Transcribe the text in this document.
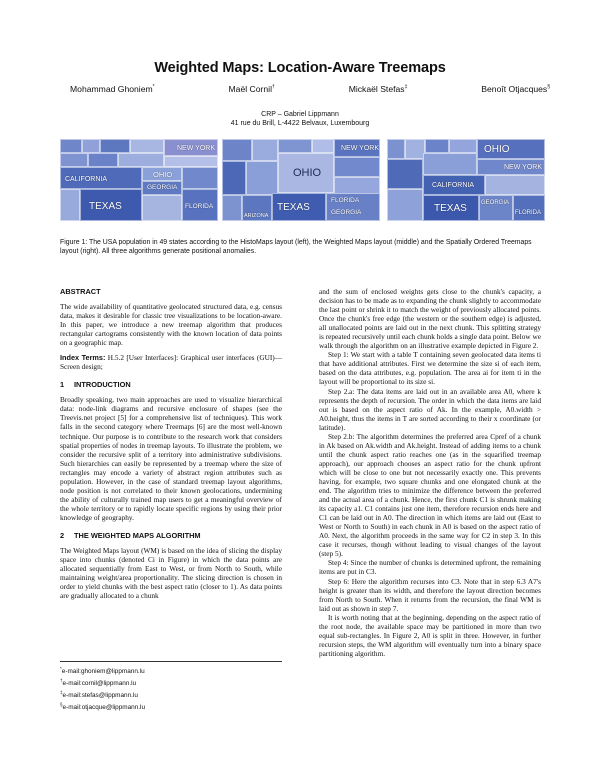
Weighted Maps: Location-Aware Treemaps
Mohammad Ghoniem*	Maël Cornil†	Mickaël Stefas‡	Benoît Otjacques§
CRP – Gabriel Lippmann
41 rue du Brill, L-4422 Belvaux, Luxembourg
NEW YORK
CALIFORNIA
OHIO
GEORGIA
TEXAS	FLORIDA
NEW YORK
OHIO
ARIZONA
TEXAS
FLORIDA
GEORGIA
OHIO
NEW YORK
CALIFORNIA
TEXAS GEORGIA
FLORIDA
Figure 1: The USA population in 49 states according to the HistoMaps layout (left), the Weighted Maps layout (middle) and the Spatially Ordered Treemaps layout (right). All three algorithms generate positional anomalies.
ABSTRACT

The wide availability of quantitative geolocated structured data, e.g. census data, makes it desirable for classic tree visualizations to be location-aware. In this paper, we introduce a new treemap algorithm that produces rectangular cartograms consistently with the known location of data points on a geographic map.

Index Terms: H.5.2 [User Interfaces]: Graphical user interfaces (GUI)—Screen design;

1 INTRODUCTION

Broadly speaking, two main approaches are used to visualize hierarchical data: node-link diagrams and recursive enclosure of shapes (see the Treevis.net project [5] for a comprehensive list of techniques). This work falls in the second category where Treemaps [6] are the most well-known technique. Our purpose is to contribute to the research work that considers spatial properties of nodes in treemap layouts. To illustrate the problem, we consider the recursive split of a territory into administrative subdivisions. Such hierarchies can easily be represented by a treemap where the size of rectangles may encode a variety of abstract region attributes such as population. However, in the case of standard treemap layout algorithms, node position is not correlated to their known geolocations, undermining the ability of culturally trained map users to get a meaningful overview of the whole territory or to rapidly locate specific regions by using their prior knowledge of geography.

2 THE WEIGHTED MAPS ALGORITHM

The Weighted Maps layout (WM) is based on the idea of slicing the display space into chunks (denoted Ci in Figure) in which the data points are allocated sequentially from East to West, or from North to South, while maintaining weight/area proportionality. The slicing direction is chosen in order to yield chunks with the best aspect ratio (closer to 1). As data points are gradually allocated to a chunk

*e-mail:ghoniem@lippmann.lu
†e-mail:cornil@lippmann.lu
‡e-mail:stefas@lippmann.lu
§e-mail:otjacque@lippmann.lu

and the sum of enclosed weights gets close to the chunk's capacity, a decision has to be made as to expanding the chunk slightly to accommodate the last point or shrink it to match the weight of previously allocated points. Once the chunk's free edge (the western or the southern edge) is adjusted, all unallocated points are laid out in the next chunk. This splitting strategy is repeated recursively until each chunk holds a single data point. Below we walk through the algorithm on an illustrative example depicted in Figure 2.

Step 1: We start with a table T containing seven geolocated data items ti that have additional attributes. First we determine the size si of each item, based on the data attributes, e.g. population. The area ai for item ti in the layout will be proportional to its size si.

Step 2.a: The data items are laid out in an available area A0, where k represents the depth of recursion. The order in which the data items are laid out is based on the aspect ratio of Ak. In the example, A0.width > A0.height, thus the items in T are sorted according to their x coordinate (or latitude).

Step 2.b: The algorithm determines the preferred area Cpref of a chunk in Ak based on Ak.width and Ak.height. Instead of adding items to a chunk until the chunk aspect ratio reaches one (as in the squarified treemap approach), our approach chooses an aspect ratio for the chunk upfront which will be close to one but not necessarily exactly one. This prevents having, for example, two square chunks and one elongated chunk at the end. The algorithm tries to minimize the difference between the preferred and the actual area of a chunk. Hence, the first chunk C1 is shrunk making its capacity a1. C1 contains just one item, therefore recursion ends here and C1 can be laid out in A0. The direction in which items are laid out (East to West or North to South) in each chunk in A0 is based on the aspect ratio of A0. Next, the algorithm proceeds in the same way for C2 in step 3. In this case it recurses, though without leading to visual changes of the layout (step 5).

Step 4: Since the number of chunks is determined upfront, the remaining items are put in C3.

Step 6: Here the algorithm recurses into C3. Note that in step 6.3 A7's height is greater than its width, and therefore the layout direction becomes from North to South. When it returns from the recursion, the final WM is laid out as shown in step 7.

It is worth noting that at the beginning, depending on the aspect ratio of the root node, the available space may be partitioned in more than two equal sub-rectangles. In Figure 2, A0 is split in three. However, in further recursion steps, the WM algorithm will eventually turn into a binary space partitioning algorithm.
